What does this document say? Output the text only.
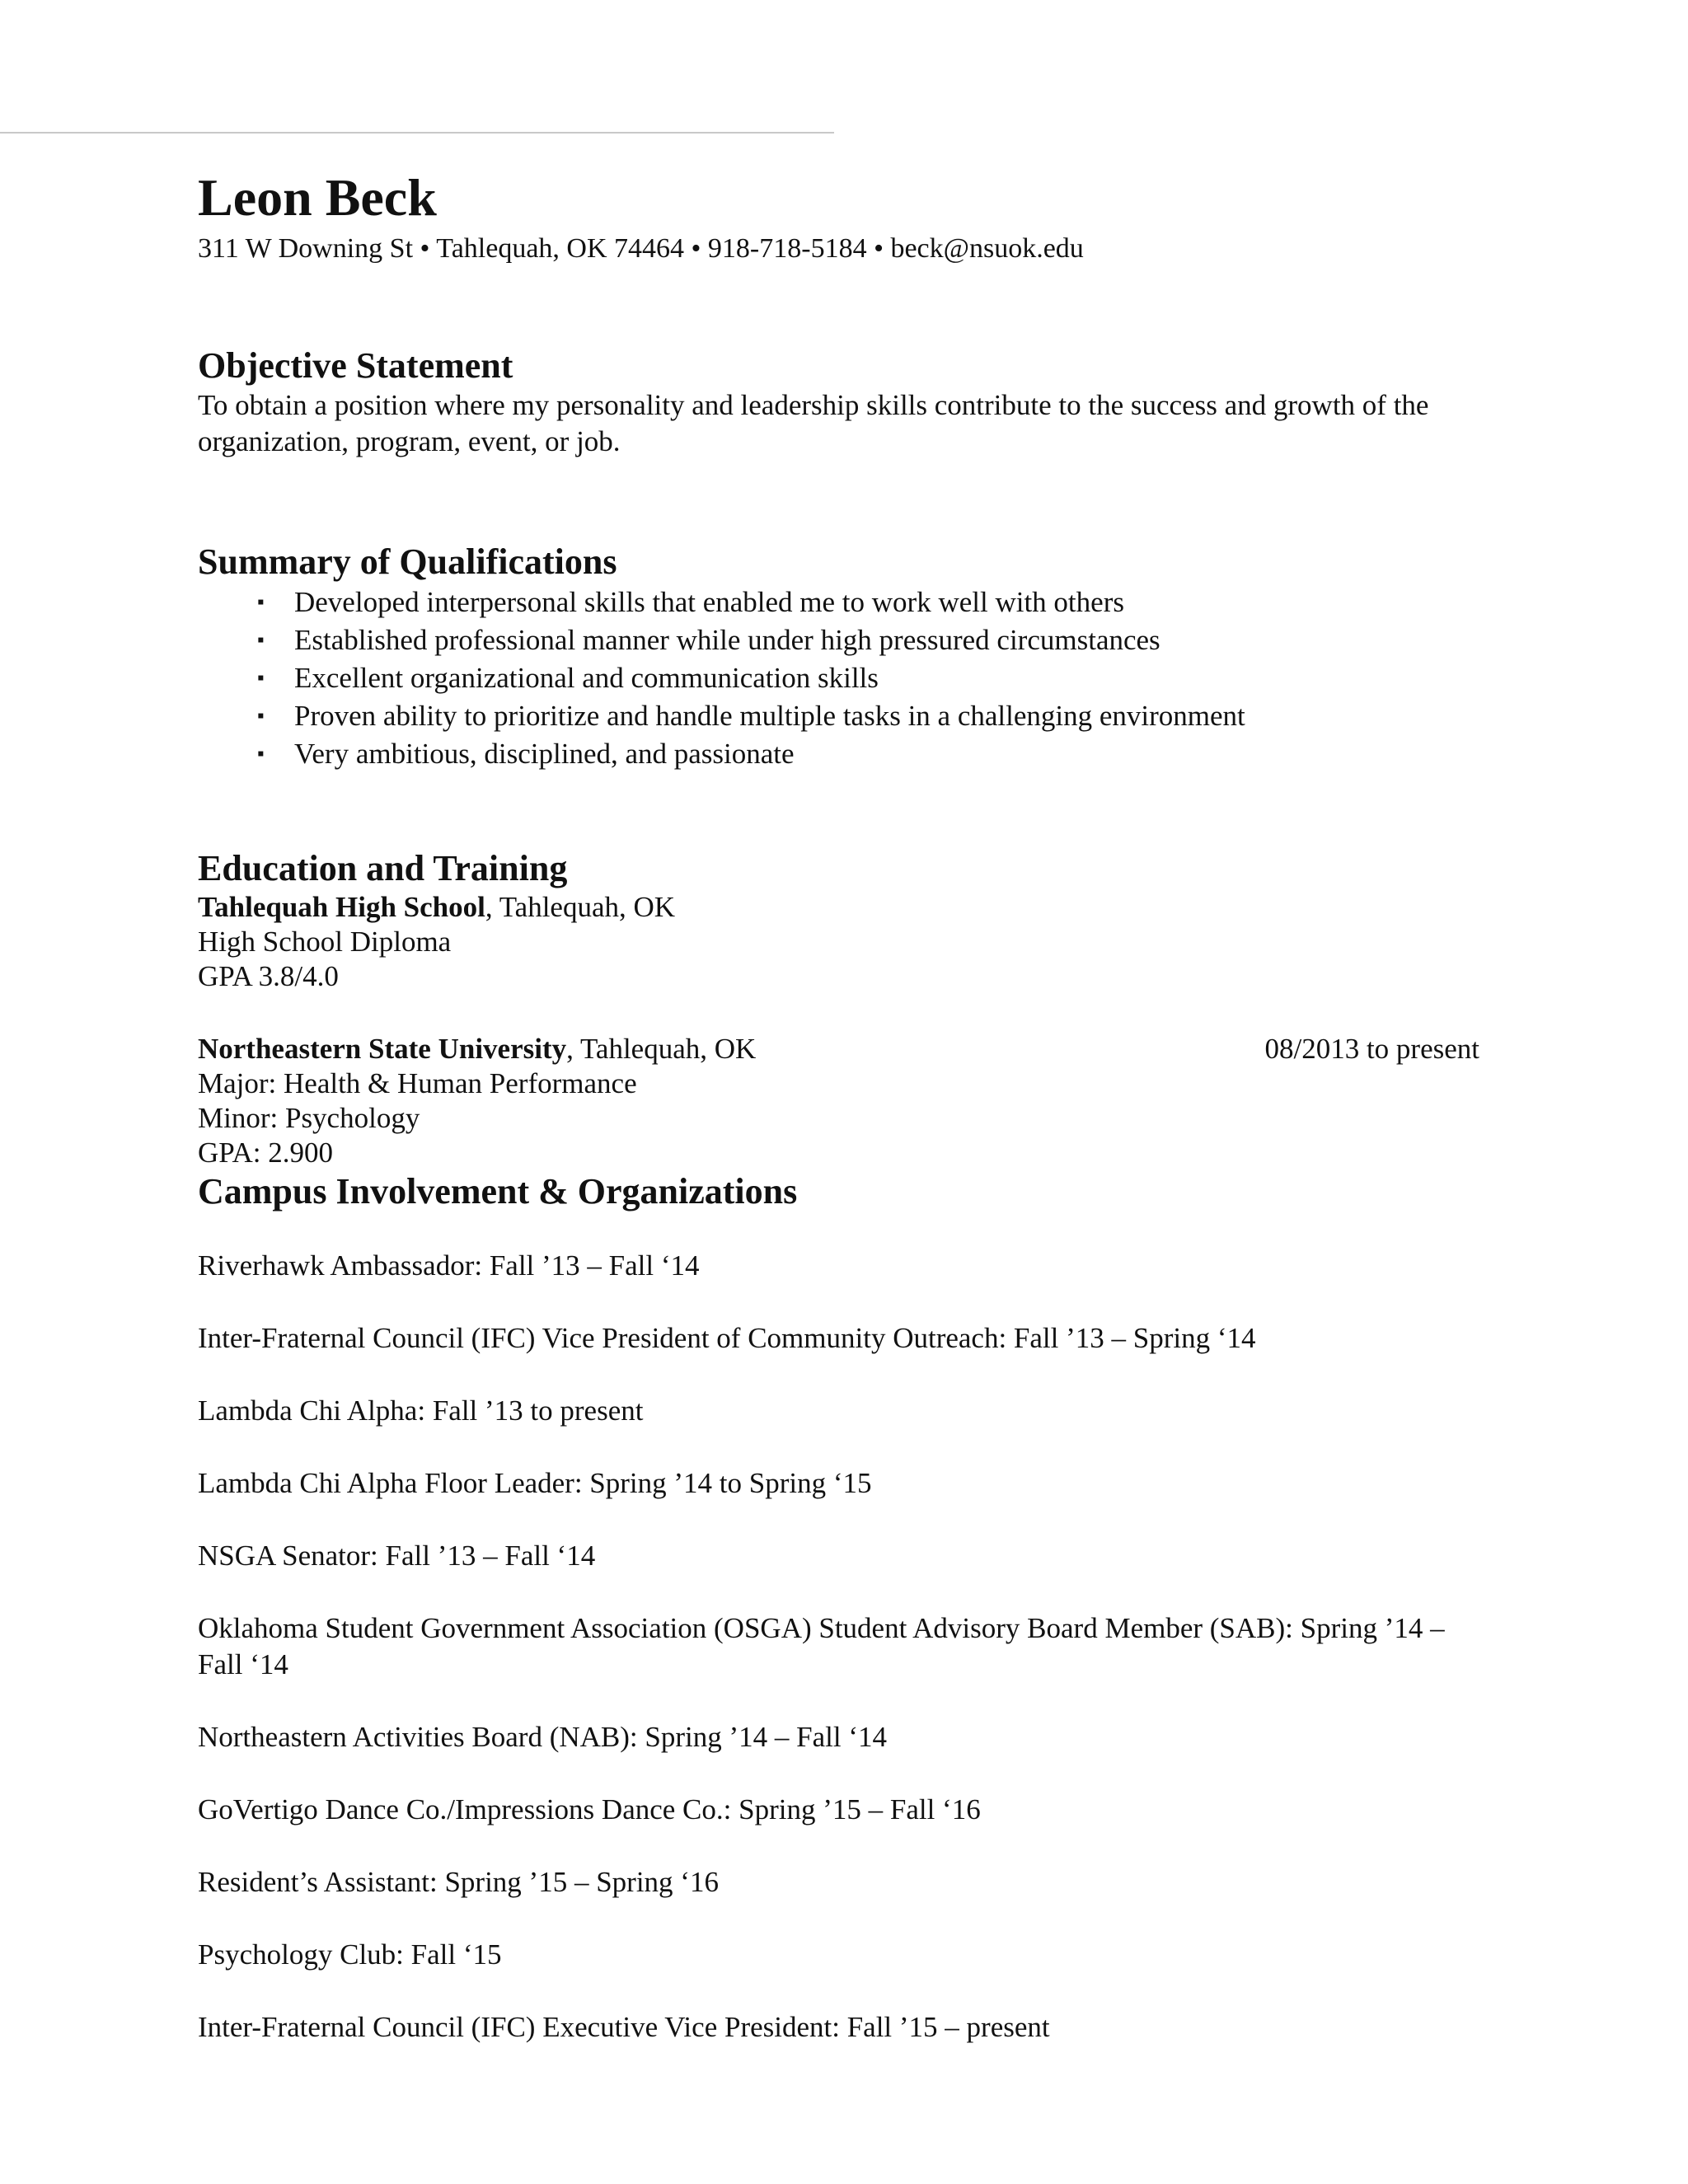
Leon Beck

311 W Downing St • Tahlequah, OK 74464 • 918-718-5184 • beck@nsuok.edu

Objective Statement

To obtain a position where my personality and leadership skills contribute to the success and growth of the organization, program, event, or job.

Summary of Qualifications
▪ Developed interpersonal skills that enabled me to work well with others
▪ Established professional manner while under high pressured circumstances
▪ Excellent organizational and communication skills
▪ Proven ability to prioritize and handle multiple tasks in a challenging environment
▪ Very ambitious, disciplined, and passionate
Education and Training
Tahlequah High School, Tahlequah, OK

High School Diploma

GPA 3.8/4.0

Northeastern State University, Tahlequah, OK	08/2013 to present

Major: Health & Human Performance

Minor: Psychology

GPA: 2.900

Campus Involvement & Organizations
Riverhawk Ambassador: Fall ’13 – Fall ‘14
Inter-Fraternal Council (IFC) Vice President of Community Outreach: Fall ’13 – Spring ‘14
Lambda Chi Alpha: Fall ’13 to present
Lambda Chi Alpha Floor Leader: Spring ’14 to Spring ‘15
NSGA Senator: Fall ’13 – Fall ‘14
Oklahoma Student Government Association (OSGA) Student Advisory Board Member (SAB): Spring ’14 – Fall ‘14
Northeastern Activities Board (NAB): Spring ’14 – Fall ‘14
GoVertigo Dance Co./Impressions Dance Co.: Spring ’15 – Fall ‘16
Resident’s Assistant: Spring ’15 – Spring ‘16
Psychology Club: Fall ‘15
Inter-Fraternal Council (IFC) Executive Vice President: Fall ’15 – present
